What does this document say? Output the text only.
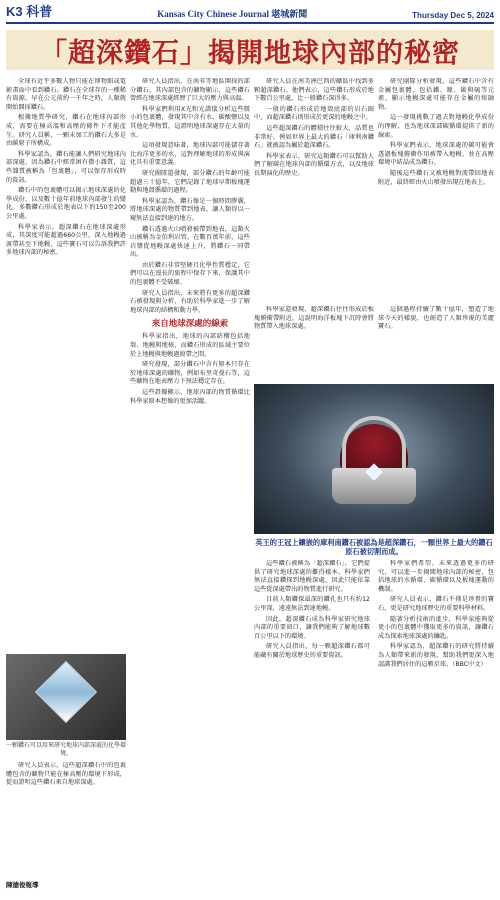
K3 科普	Kansas City Chinese Journal 堪城新聞	Thursday Dec 5, 2024
「超深鑽石」揭開地球內部的秘密

全球有近乎多數人物只能在博物館或電影畫面中看到鑽石。鑽石在全球存的一種稀有資源，早在公元前約一千年之時，人類就開始開採鑽石。

根據地質學研究，鑽石在地球內部形成，需要在極高溫和高壓的條件下才能產生。研究人員稱，一顆未加工的鑽石大多是由碳原子所構成。

科學家認為，鑽石能讓人們研究地球內部深處，因為鑽石中經常困有微小雜質，這些雜質被稱為「包裹體」，可以保存形成時的資訊。

鑽石中的包裹體可以揭示地球深處的化學成份，以及數十億年前地球內部發生的變化。多數鑽石形成於地表以下約150至200公里處。

科學家表示，超深鑽石在地球深處形成，其深度可能超過660公里，深入地幔過渡帶甚至下地幔，這些寶石可以告訴我們許多地球內部的秘密。

一顆鑽石可以用來研究地球內部深處的化學環境。

研究人員表示，這些超深鑽石中的包裹體包含的礦物只能在極高壓的環境下形成，從而證明這些鑽石來自地球深處。

陳德俊報導

研究人員指出，在南非等地區開採的部分鑽石，其內部包含的礦物顯示，這些鑽石曾經在地球深處經歷了巨大的壓力與高溫。

科學家們利用X光和光譜儀分析這些微小的包裹體，發現其中含有水、碳酸鹽以及其他化學物質，這證明地球深處存在大量的水。

這項發現意味著，地球內部可能儲存著比海洋更多的水，這對理解地球的形成與演化具有重要意義。

研究團隊還發現，部分鑽石的年齡可能超過三十億年，它們記錄了地球早期板塊運動與地殼循環的過程。

科學家認為，鑽石像是一個時間膠囊，將地球深處的物質帶到地表，讓人類得以一窺無法直接到達的地方。

鑽石透過火山噴發被帶到地表，這類火山被稱為金伯利岩管。在數百萬年前，這些岩漿從地幔深處快速上升，將鑽石一同帶出。

由於鑽石非常堅硬且化學性質穩定，它們可以在漫長的旅程中保存下來，保護其中的包裹體不受破壞。

研究人員指出，未來將有更多的超深鑽石被發現與分析，有助於科學家進一步了解地球內部的結構和動力學。

來自地球深處的線索

科學家指出，地球的內部結構包括地殼、地幔與地核，而鑽石形成的區域主要位於上地幔與地幔過渡帶之間。

研究發現，部分鑽石中含有原本只存在於地球深處的礦物，例如布里奇曼石等，這些礦物在地表壓力下無法穩定存在。

這些證據顯示，地球內部的物質循環比科學家原本想像的更加活躍。

研究人員在南美洲巴西的礦區中找到多顆超深鑽石。他們表示，這些鑽石形成於地下數百公里處，比一般鑽石深得多。

一般的鑽石形成於地殼底部的岩石圈中，而超深鑽石則形成於更深的地幔之中。

這些超深鑽石的體積往往較大，品質也非常好。例如世界上最大的鑽石「庫利南鑽石」就被認為屬於超深鑽石。

科學家表示，研究這類鑽石可以幫助人們了解碳在地球內部的循環方式，以及地球長期演化的歷史。

研究團隊分析發現，這些鑽石中含有金屬包裹體，包括鐵、鎳、碳與硫等元素，顯示地幔深處可能存在金屬的熔融物。

這一發現挑戰了過去對地幔化學成份的理解，也為地球深部碳循環提供了新的線索。

科學家們表示，地球深處的碳可能會透過板塊俯衝作用被帶入地幔，並在高壓環境中結晶成為鑽石。

隨後這些鑽石又被地幔對流帶回地表附近，最終經由火山噴發出現在地表上。

科學家還發現，超深鑽石往往形成於板塊俯衝帶附近，這說明海洋板塊下沉時會將物質帶入地球深處。

這個過程持續了數十億年，塑造了地球今天的樣貌，也創造了人類珍視的美麗寶石。

英王的王冠上鑲嵌的庫利南鑽石被認為是超深鑽石，一顆世界上最大的鑽石原石被切割而成。

這些鑽石被稱為「超深鑽石」，它們提供了研究地球深處的難得樣本。科學家們無法直接鑽探到地幔深處，因此只能依靠這些從深處帶出的物質進行研究。

目前人類鑽探最深的鑽孔也只有約12公里深，遠遠無法到達地幔。

因此，超深鑽石成為科學家研究地球內部的重要窗口，讓我們能夠了解地球數百公里以下的環境。

研究人員指出，每一顆超深鑽石都可能藏有關於地球歷史的重要資訊。

科學家們希望，未來透過更多的研究，可以進一步揭開地球內部的秘密，包括地球的水循環、碳循環以及板塊運動的機制。

研究人員表示，鑽石不僅是珍貴的寶石，更是研究地球歷史的重要科學材料。

隨著分析技術的進步，科學家能夠從更小的包裹體中獲取更多的資訊，讓鑽石成為探索地球深處的鑰匙。

科學家認為，超深鑽石的研究將持續為人類帶來新的發現，幫助我們更深入地認識我們居住的這顆星球。（BBC中文）
